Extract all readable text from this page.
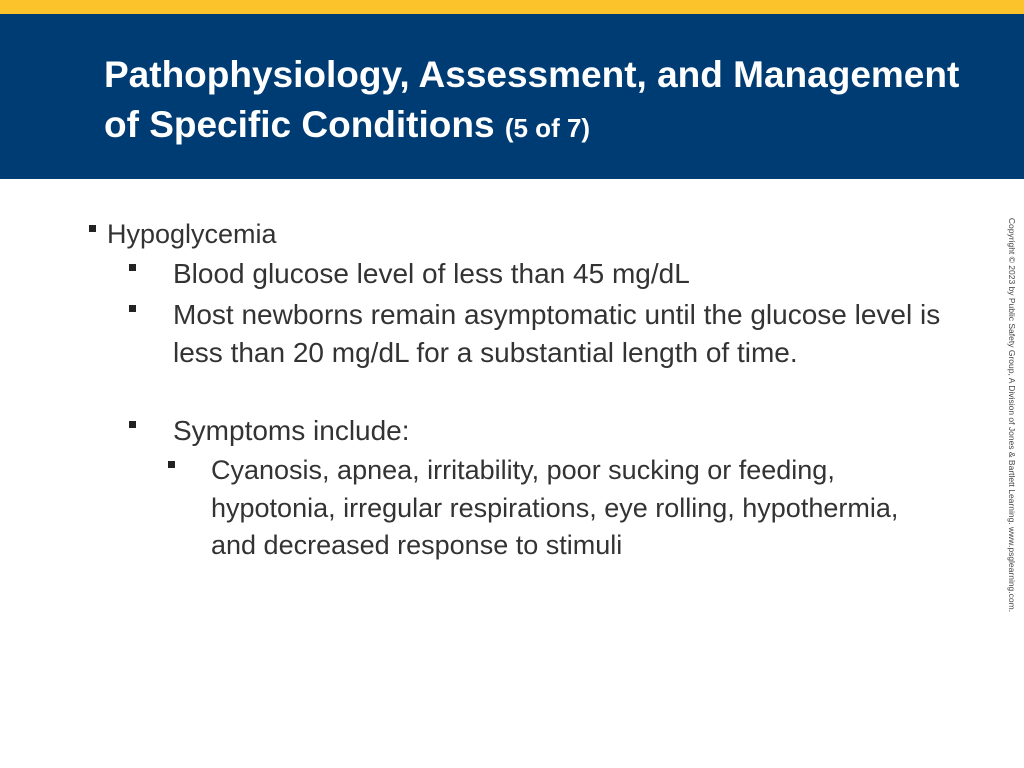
Pathophysiology, Assessment, and Management of Specific Conditions (5 of 7)

Hypoglycemia

Blood glucose level of less than 45 mg/dL

Most newborns remain asymptomatic until the glucose level is less than 20 mg/dL for a substantial length of time.

Symptoms include:

Cyanosis, apnea, irritability, poor sucking or feeding, hypotonia, irregular respirations, eye rolling, hypothermia, and decreased response to stimuli	Copyright © 2023 by Public Safety Group, A Division of Jones & Bartlett Learning. www.psglearning.com.
